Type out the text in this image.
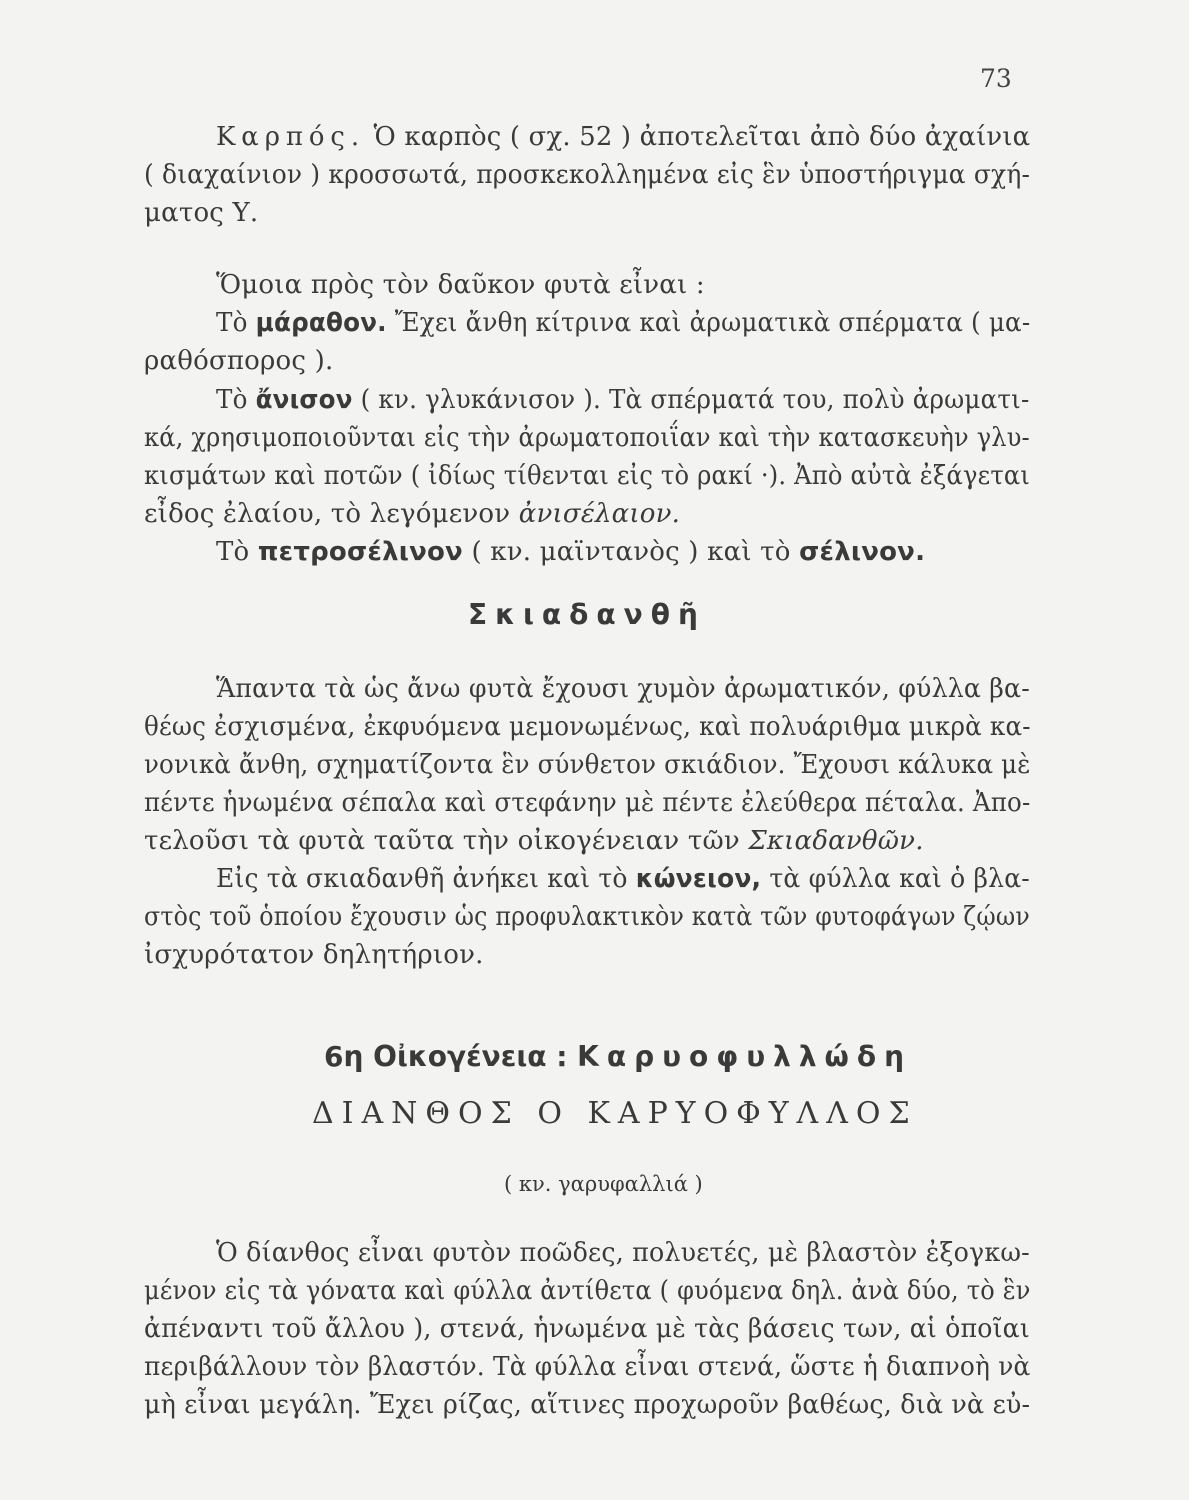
73
Καρπός. Ὁ καρπὸς ( σχ. 52 ) ἀποτελεῖται ἀπὸ δύο ἀχαίνια
( διαχαίνιον ) κροσσωτά, προσκεκολλημένα εἰς ἓν ὑποστήριγμα σχή-
ματος Υ.
Ὅμοια πρὸς τὸν δαῦκον φυτὰ εἶναι :
Τὸ μάραθον. Ἔχει ἄνθη κίτρινα καὶ ἀρωματικὰ σπέρματα ( μα-
ραθόσπορος ).
Τὸ ἄνισον ( κν. γλυκάνισον ). Τὰ σπέρματά του, πολὺ ἀρωματι-
κά, χρησιμοποιοῦνται εἰς τὴν ἀρωματοποιΐαν καὶ τὴν κατασκευὴν γλυ-
κισμάτων καὶ ποτῶν ( ἰδίως τίθενται εἰς τὸ ρακί ·). Ἀπὸ αὐτὰ ἐξάγεται
εἶδος ἐλαίου, τὸ λεγόμενον ἀνισέλαιον.
Τὸ πετροσέλινον ( κν. μαϊντανὸς ) καὶ τὸ σέλινον.
Σκιαδανθῆ
Ἅπαντα τὰ ὡς ἄνω φυτὰ ἔχουσι χυμὸν ἀρωματικόν, φύλλα βα-
θέως ἐσχισμένα, ἐκφυόμενα μεμονωμένως, καὶ πολυάριθμα μικρὰ κα-
νονικὰ ἄνθη, σχηματίζοντα ἓν σύνθετον σκιάδιον. Ἔχουσι κάλυκα μὲ
πέντε ἡνωμένα σέπαλα καὶ στεφάνην μὲ πέντε ἐλεύθερα πέταλα. Ἀπο-
τελοῦσι τὰ φυτὰ ταῦτα τὴν οἰκογένειαν τῶν Σκιαδανθῶν.
Εἰς τὰ σκιαδανθῆ ἀνήκει καὶ τὸ κώνειον, τὰ φύλλα καὶ ὁ βλα-
στὸς τοῦ ὁποίου ἔχουσιν ὡς προφυλακτικὸν κατὰ τῶν φυτοφάγων ζῴων
ἰσχυρότατον δηλητήριον.
6η Οἰκογένεια : Καρυοφυλλώδη
ΔΙΑΝΘΟΣ Ο ΚΑΡΥΟΦΥΛΛΟΣ
( κν. γαρυφαλλιά )
Ὁ δίανθος εἶναι φυτὸν ποῶδες, πολυετές, μὲ βλαστὸν ἐξογκω-
μένον εἰς τὰ γόνατα καὶ φύλλα ἀντίθετα ( φυόμενα δηλ. ἀνὰ δύο, τὸ ἓν
ἀπέναντι τοῦ ἄλλου ), στενά, ἡνωμένα μὲ τὰς βάσεις των, αἱ ὁποῖαι
περιβάλλουν τὸν βλαστόν. Τὰ φύλλα εἶναι στενά, ὥστε ἡ διαπνοὴ νὰ
μὴ εἶναι μεγάλη. Ἔχει ρίζας, αἵτινες προχωροῦν βαθέως, διὰ νὰ εὐ-
